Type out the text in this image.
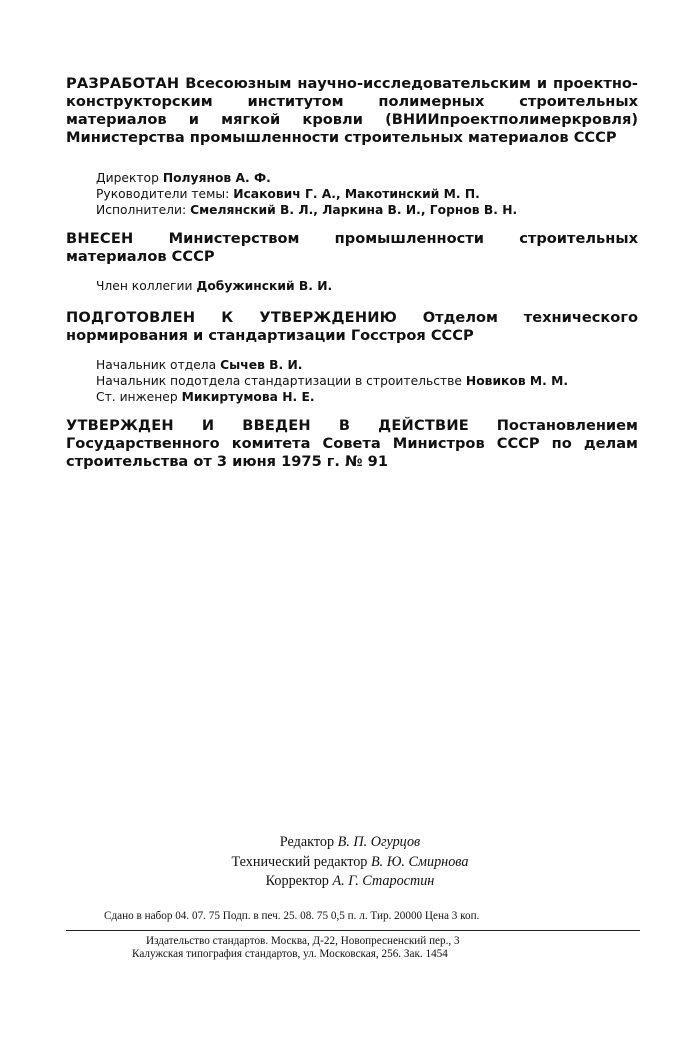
РАЗРАБОТАН Всесоюзным научно-исследовательским и проектно-конструкторским институтом полимерных строительных материалов и мягкой кровли (ВНИИпроектполимеркровля) Министерства промышленности строительных материалов СССР

Директор Полуянов А. Ф.
Руководители темы: Исакович Г. А., Макотинский М. П.
Исполнители: Смелянский В. Л., Ларкина В. И., Горнов В. Н.

ВНЕСЕН Министерством промышленности строительных материалов СССР

Член коллегии Добужинский В. И.

ПОДГОТОВЛЕН К УТВЕРЖДЕНИЮ Отделом технического нормирования и стандартизации Госстроя СССР

Начальник отдела Сычев В. И.
Начальник подотдела стандартизации в строительстве Новиков М. М.
Ст. инженер Микиртумова Н. Е.

УТВЕРЖДЕН И ВВЕДЕН В ДЕЙСТВИЕ Постановлением Государственного комитета Совета Министров СССР по делам строительства от 3 июня 1975 г. № 91

Редактор В. П. Огурцов
Технический редактор В. Ю. Смирнова
Корректор А. Г. Старостин
Сдано в набор 04. 07. 75 Подп. в печ. 25. 08. 75 0,5 п. л. Тир. 20000 Цена 3 коп.
Издательство стандартов. Москва, Д-22, Новопресненский пер., 3
Калужская типография стандартов, ул. Московская, 256. Зак. 1454
